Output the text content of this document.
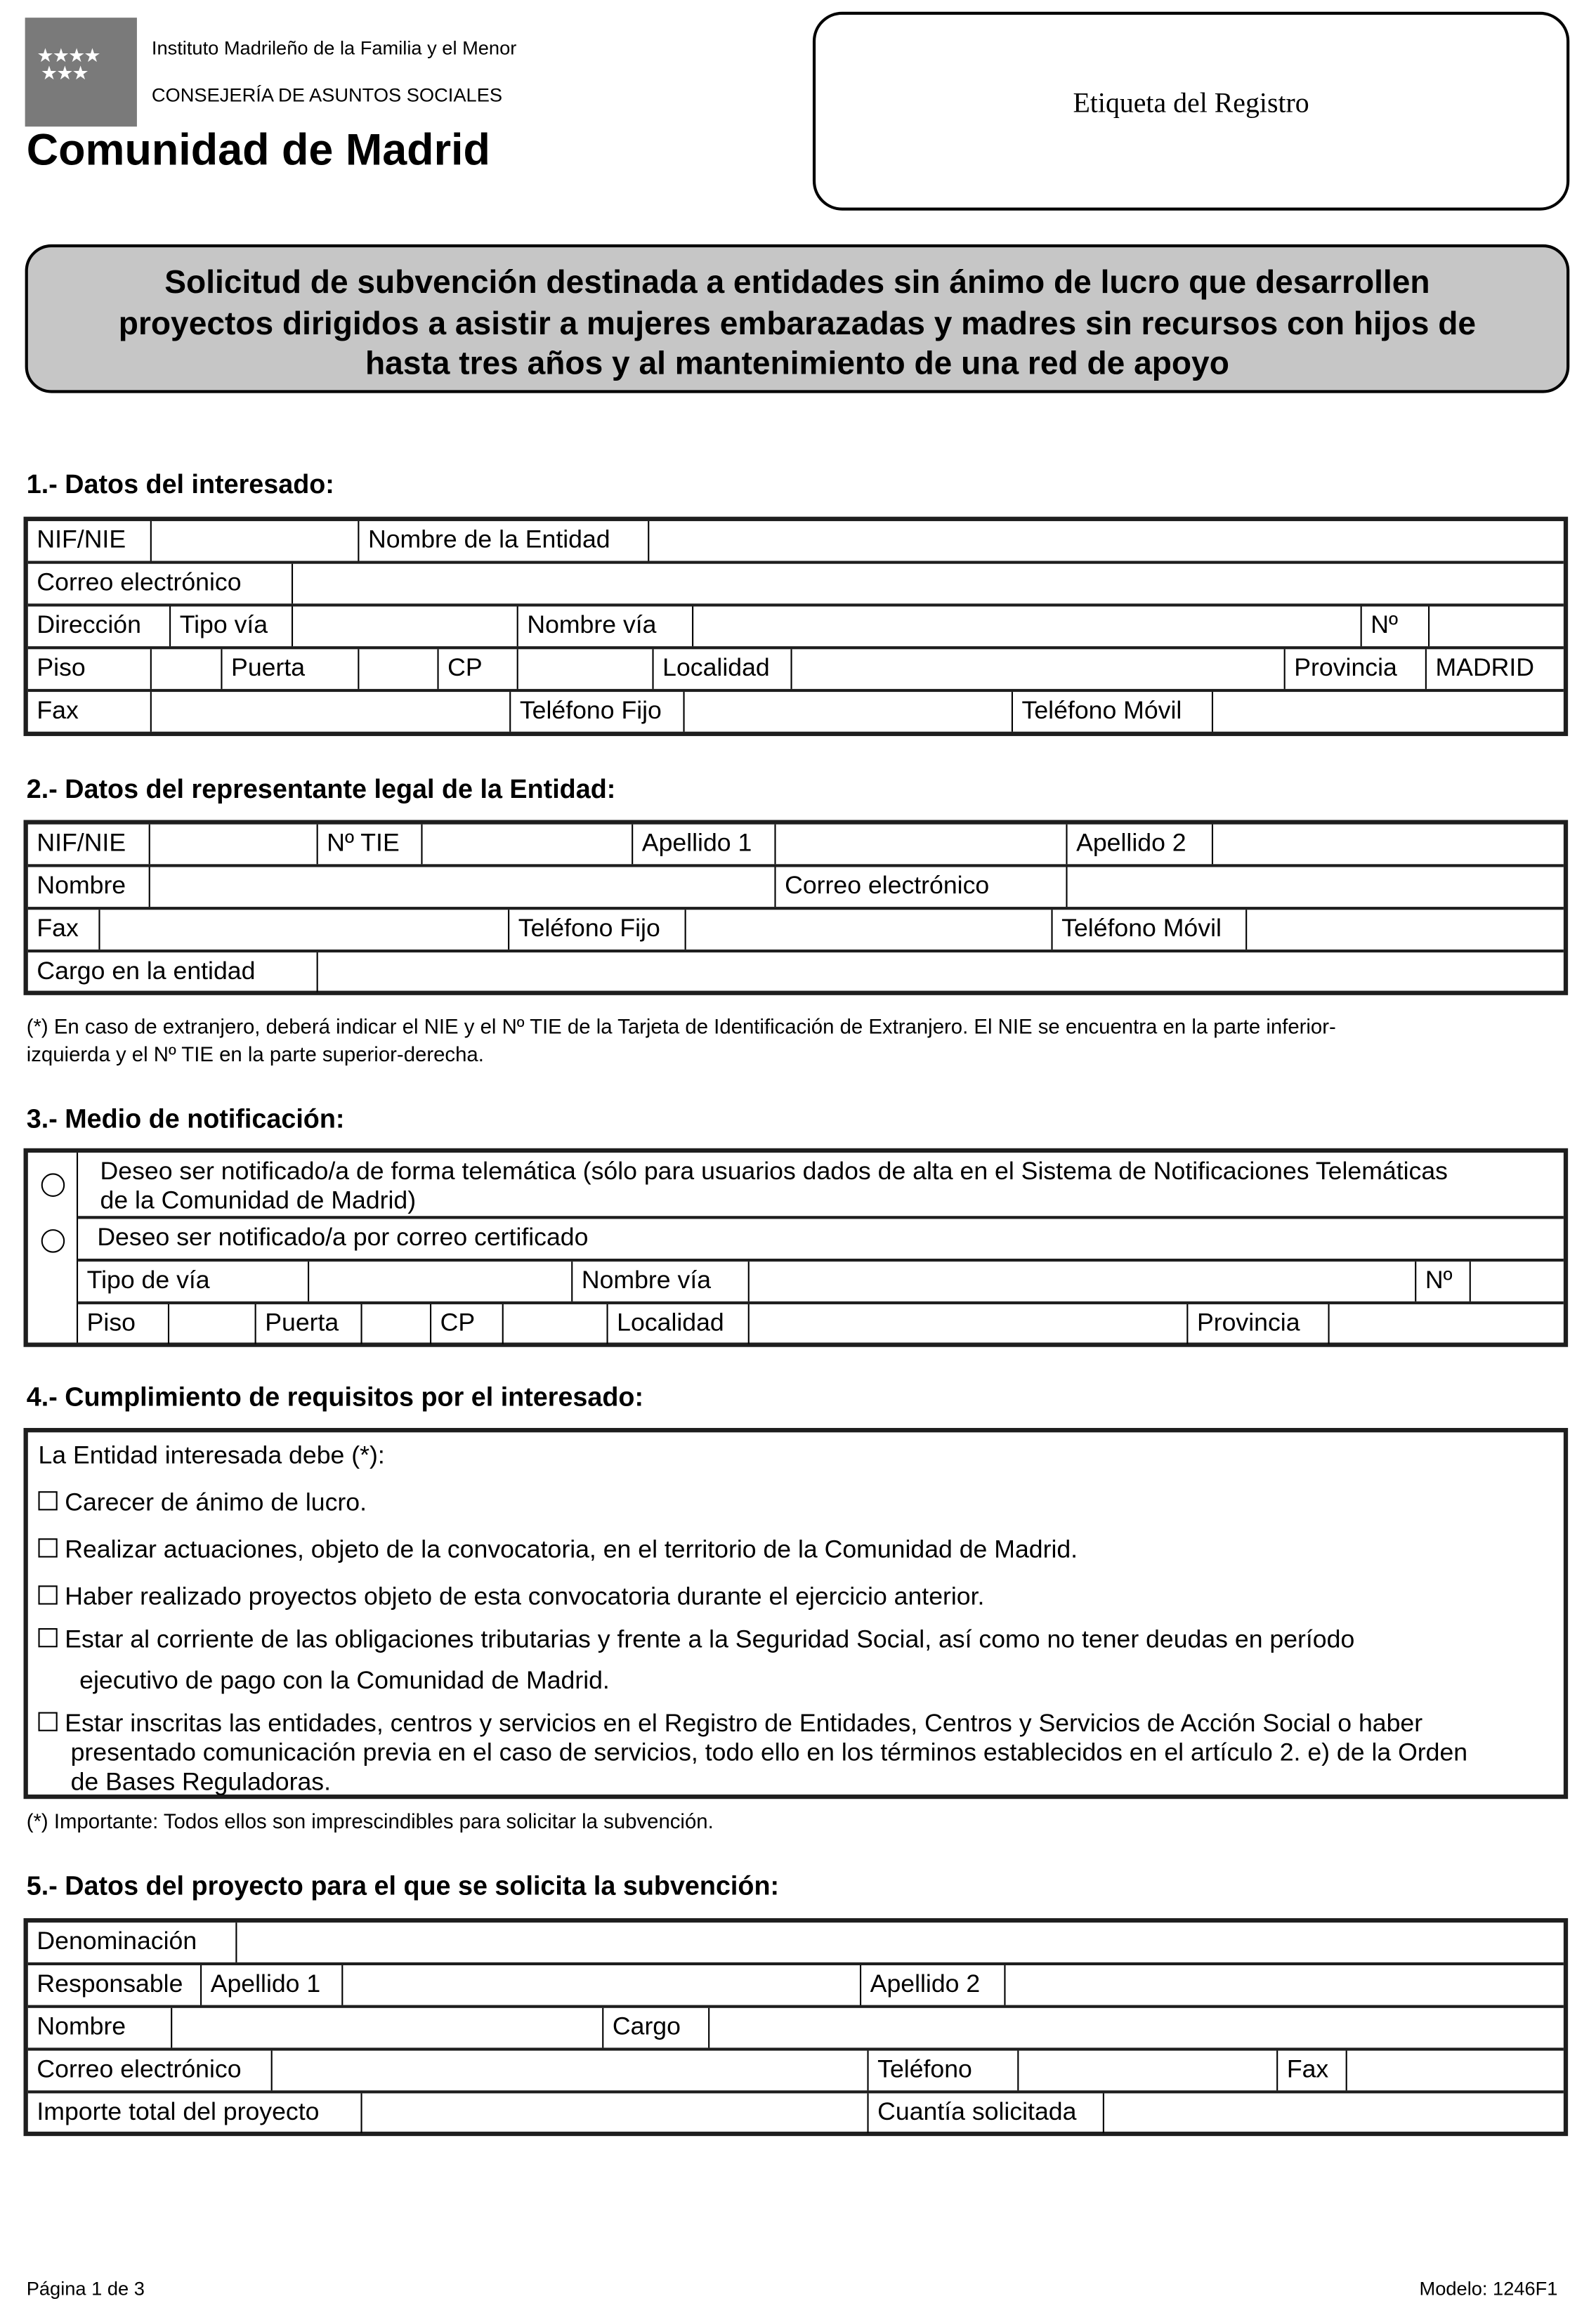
★★★★
★★★
Instituto Madrileño de la Familia y el Menor
CONSEJERÍA DE ASUNTOS SOCIALES
Comunidad de Madrid
Etiqueta del Registro
Solicitud de subvención destinada a entidades sin ánimo de lucro que desarrollen
proyectos dirigidos a asistir a mujeres embarazadas y madres sin recursos con hijos de
hasta tres años y al mantenimiento de una red de apoyo
1.- Datos del interesado:
NIF/NIE	Nombre de la Entidad
Correo electrónico
Dirección	Tipo vía	Nombre vía	Nº
Piso	Puerta	CP	Localidad	Provincia	MADRID
Fax	Teléfono Fijo	Teléfono Móvil
2.- Datos del representante legal de la Entidad:
NIF/NIE	Nº TIE	Apellido 1	Apellido 2
Nombre	Correo electrónico
Fax	Teléfono Fijo	Teléfono Móvil
Cargo en la entidad
(*) En caso de extranjero, deberá indicar el NIE y el Nº TIE de la Tarjeta de Identificación de Extranjero. El NIE se encuentra en la parte inferior-
izquierda y el Nº TIE en la parte superior-derecha.
3.- Medio de notificación:
Deseo ser notificado/a de forma telemática (sólo para usuarios dados de alta en el Sistema de Notificaciones Telemáticas
de la Comunidad de Madrid)
Deseo ser notificado/a por correo certificado
Tipo de vía	Nombre vía	Nº
Piso	Puerta	CP	Localidad	Provincia
4.- Cumplimiento de requisitos por el interesado:
La Entidad interesada debe (*):
Carecer de ánimo de lucro.
Realizar actuaciones, objeto de la convocatoria, en el territorio de la Comunidad de Madrid.
Haber realizado proyectos objeto de esta convocatoria durante el ejercicio anterior.
Estar al corriente de las obligaciones tributarias y frente a la Seguridad Social, así como no tener deudas en período
ejecutivo de pago con la Comunidad de Madrid.
Estar inscritas las entidades, centros y servicios en el Registro de Entidades, Centros y Servicios de Acción Social o haber
presentado comunicación previa en el caso de servicios, todo ello en los términos establecidos en el artículo 2. e) de la Orden
de Bases Reguladoras.
(*) Importante: Todos ellos son imprescindibles para solicitar la subvención.
5.- Datos del proyecto para el que se solicita la subvención:
Denominación
Responsable	Apellido 1	Apellido 2
Nombre	Cargo
Correo electrónico	Teléfono	Fax
Importe total del proyecto	Cuantía solicitada
Página 1 de 3	Modelo: 1246F1
